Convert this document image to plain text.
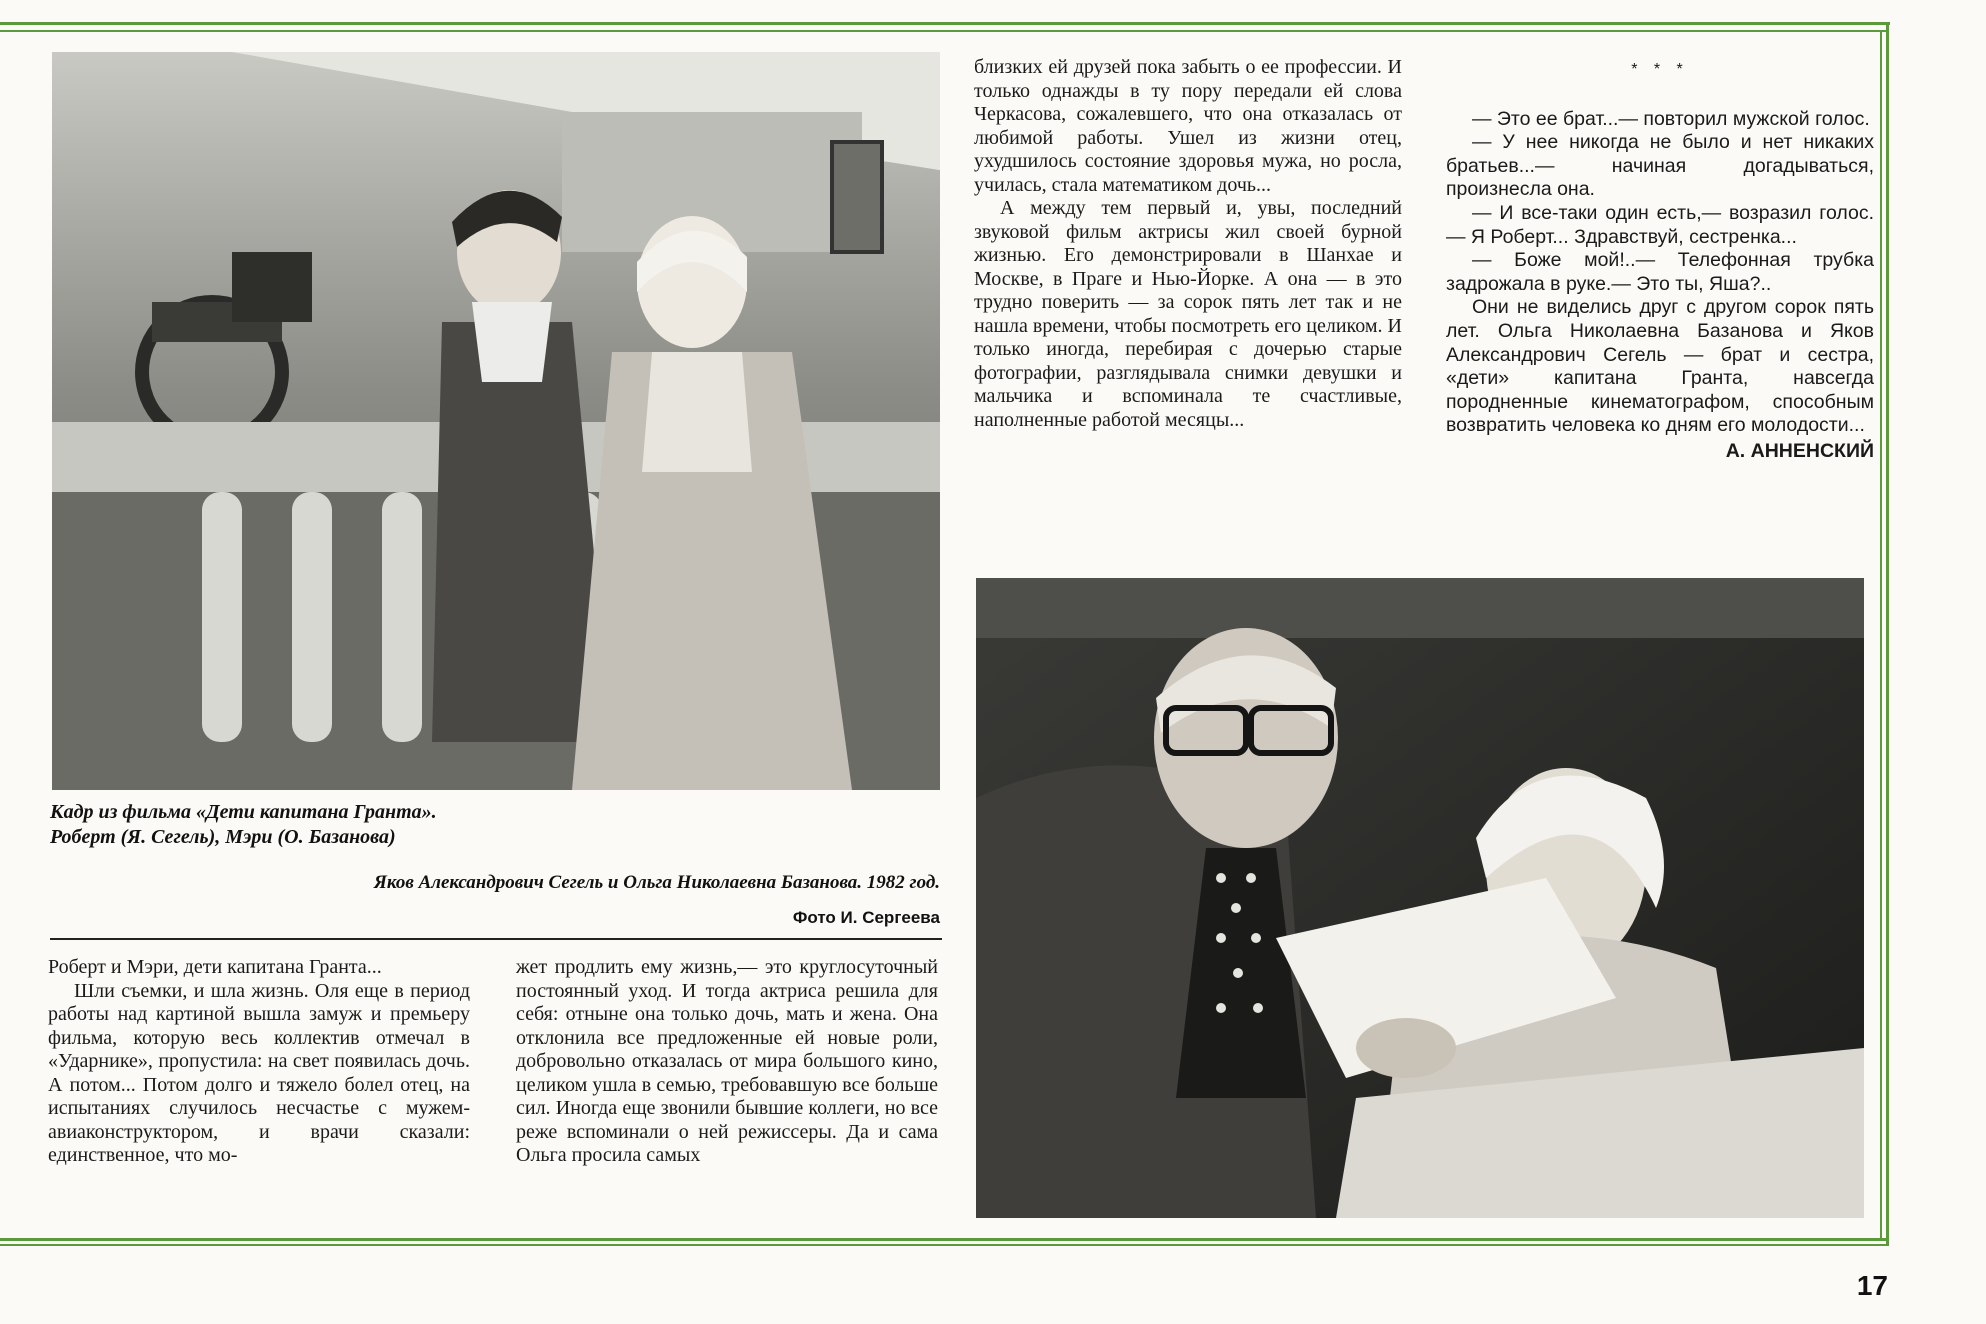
Кадр из фильма «Дети капитана Гранта».
Роберт (Я. Сегель), Мэри (О. Базанова)
Яков Александрович Сегель и Ольга Николаевна Базанова. 1982 год.
Фото И. Сергеева

Роберт и Мэри, дети капитана Гранта...

Шли съемки, и шла жизнь. Оля еще в период работы над картиной вышла замуж и премьеру фильма, которую весь коллектив отмечал в «Ударнике», пропустила: на свет появилась дочь. А потом... Потом долго и тяжело болел отец, на испытаниях случилось несчастье с мужем-авиаконструктором, и врачи сказали: единственное, что мо-

жет продлить ему жизнь,— это круглосуточный постоянный уход. И тогда актриса решила для себя: отныне она только дочь, мать и жена. Она отклонила все предложенные ей новые роли, добровольно отказалась от мира большого кино, целиком ушла в семью, требовавшую все больше сил. Иногда еще звонили бывшие коллеги, но все реже вспоминали о ней режиссеры. Да и сама Ольга просила самых

близких ей друзей пока забыть о ее профессии. И только однажды в ту пору передали ей слова Черкасова, сожалевшего, что она отказалась от любимой работы. Ушел из жизни отец, ухудшилось состояние здоровья мужа, но росла, училась, стала математиком дочь...

А между тем первый и, увы, последний звуковой фильм актрисы жил своей бурной жизнью. Его демонстрировали в Шанхае и Москве, в Праге и Нью-Йорке. А она — в это трудно поверить — за сорок пять лет так и не нашла времени, чтобы посмотреть его целиком. И только иногда, перебирая с дочерью старые фотографии, разглядывала снимки девушки и мальчика и вспоминала те счастливые, наполненные работой месяцы...

* * *

— Это ее брат...— повторил мужской голос.

— У нее никогда не было и нет никаких братьев...— начиная догадываться, произнесла она.

— И все-таки один есть,— возразил голос.— Я Роберт... Здравствуй, сестренка...

— Боже мой!..— Телефонная трубка задрожала в руке.— Это ты, Яша?..

Они не виделись друг с другом сорок пять лет. Ольга Николаевна Базанова и Яков Александрович Сегель — брат и сестра, «дети» капитана Гранта, навсегда породненные кинематографом, способным возвратить человека ко дням его молодости...

А. АННЕНСКИЙ
17
